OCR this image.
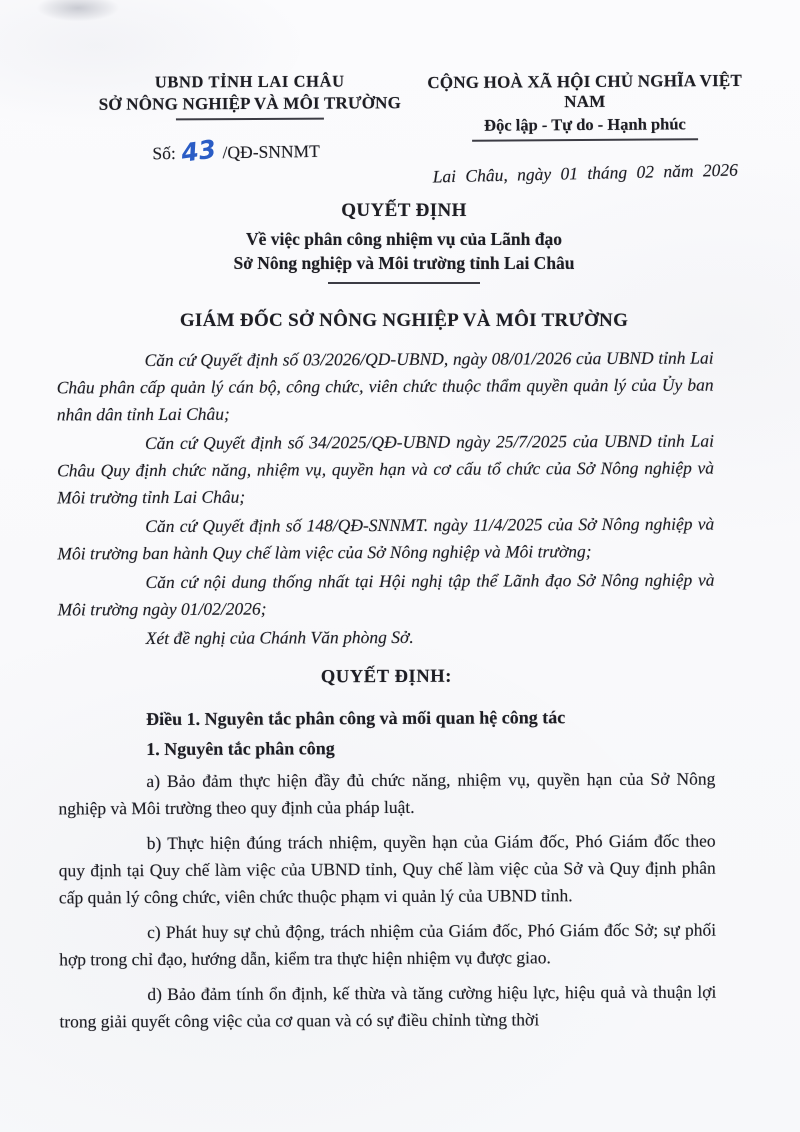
UBND TỈNH LAI CHÂU
SỞ NÔNG NGHIỆP VÀ MÔI TRƯỜNG
Số: 43 /QĐ-SNNMT
CỘNG HOÀ XÃ HỘI CHỦ NGHĨA VIỆT NAM
Độc lập - Tự do - Hạnh phúc
Lai Châu, ngày 01 tháng 02 năm 2026
QUYẾT ĐỊNH
Về việc phân công nhiệm vụ của Lãnh đạo
Sở Nông nghiệp và Môi trường tỉnh Lai Châu
GIÁM ĐỐC SỞ NÔNG NGHIỆP VÀ MÔI TRƯỜNG

Căn cứ Quyết định số 03/2026/QD-UBND, ngày 08/01/2026 của UBND tỉnh Lai Châu phân cấp quản lý cán bộ, công chức, viên chức thuộc thẩm quyền quản lý của Ủy ban nhân dân tỉnh Lai Châu;

Căn cứ Quyết định số 34/2025/QĐ-UBND ngày 25/7/2025 của UBND tỉnh Lai Châu Quy định chức năng, nhiệm vụ, quyền hạn và cơ cấu tổ chức của Sở Nông nghiệp và Môi trường tỉnh Lai Châu;

Căn cứ Quyết định số 148/QĐ-SNNMT. ngày 11/4/2025 của Sở Nông nghiệp và Môi trường ban hành Quy chế làm việc của Sở Nông nghiệp và Môi trường;

Căn cứ nội dung thống nhất tại Hội nghị tập thể Lãnh đạo Sở Nông nghiệp và Môi trường ngày 01/02/2026;

Xét đề nghị của Chánh Văn phòng Sở.

QUYẾT ĐỊNH:
Điều 1. Nguyên tắc phân công và mối quan hệ công tác
1. Nguyên tắc phân công

a) Bảo đảm thực hiện đầy đủ chức năng, nhiệm vụ, quyền hạn của Sở Nông nghiệp và Môi trường theo quy định của pháp luật.

b) Thực hiện đúng trách nhiệm, quyền hạn của Giám đốc, Phó Giám đốc theo quy định tại Quy chế làm việc của UBND tỉnh, Quy chế làm việc của Sở và Quy định phân cấp quản lý công chức, viên chức thuộc phạm vi quản lý của UBND tỉnh.

c) Phát huy sự chủ động, trách nhiệm của Giám đốc, Phó Giám đốc Sở; sự phối hợp trong chỉ đạo, hướng dẫn, kiểm tra thực hiện nhiệm vụ được giao.

d) Bảo đảm tính ổn định, kế thừa và tăng cường hiệu lực, hiệu quả và thuận lợi trong giải quyết công việc của cơ quan và có sự điều chỉnh từng thời
